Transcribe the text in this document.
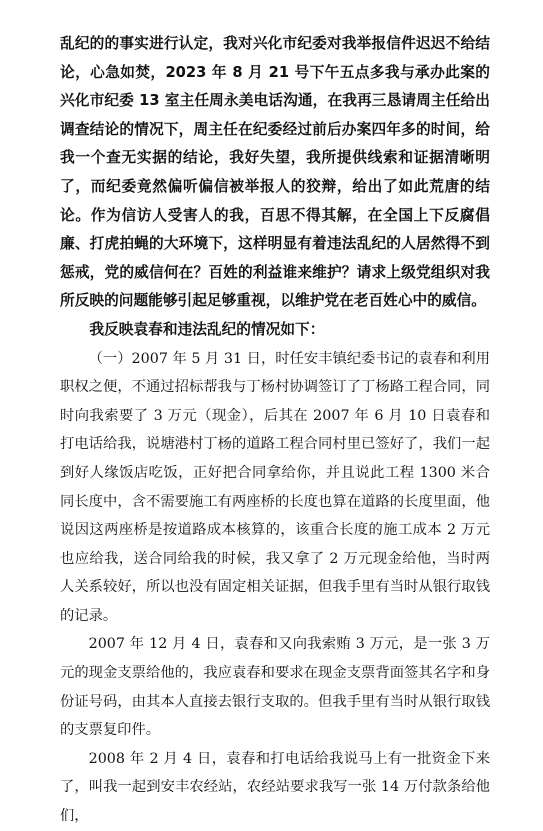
乱纪的的事实进行认定，我对兴化市纪委对我举报信件迟迟不给结论，心急如焚，2023 年 8 月 21 号下午五点多我与承办此案的兴化市纪委 13 室主任周永美电话沟通，在我再三恳请周主任给出调查结论的情况下，周主任在纪委经过前后办案四年多的时间，给我一个查无实据的结论，我好失望，我所提供线索和证据清晰明了，而纪委竟然偏听偏信被举报人的狡辩，给出了如此荒唐的结论。作为信访人受害人的我，百思不得其解，在全国上下反腐倡廉、打虎拍蝇的大环境下，这样明显有着违法乱纪的人居然得不到惩戒，党的威信何在？百姓的利益谁来维护？请求上级党组织对我所反映的问题能够引起足够重视，以维护党在老百姓心中的威信。

我反映袁春和违法乱纪的情况如下：

（一）2007 年 5 月 31 日，时任安丰镇纪委书记的袁春和利用职权之便，不通过招标帮我与丁杨村协调签订了丁杨路工程合同，同时向我索要了 3 万元（现金），后其在 2007 年 6 月 10 日袁春和打电话给我，说塘港村丁杨的道路工程合同村里已签好了，我们一起到好人缘饭店吃饭，正好把合同拿给你，并且说此工程 1300 米合同长度中，含不需要施工有两座桥的长度也算在道路的长度里面，他说因这两座桥是按道路成本核算的，该重合长度的施工成本 2 万元也应给我，送合同给我的时候，我又拿了 2 万元现金给他，当时两人关系较好，所以也没有固定相关证据，但我手里有当时从银行取钱的记录。

2007 年 12 月 4 日，袁春和又向我索贿 3 万元，是一张 3 万元的现金支票给他的，我应袁春和要求在现金支票背面签其名字和身份证号码，由其本人直接去银行支取的。但我手里有当时从银行取钱的支票复印件。

2008 年 2 月 4 日，袁春和打电话给我说马上有一批资金下来了，叫我一起到安丰农经站，农经站要求我写一张 14 万付款条给他们，
